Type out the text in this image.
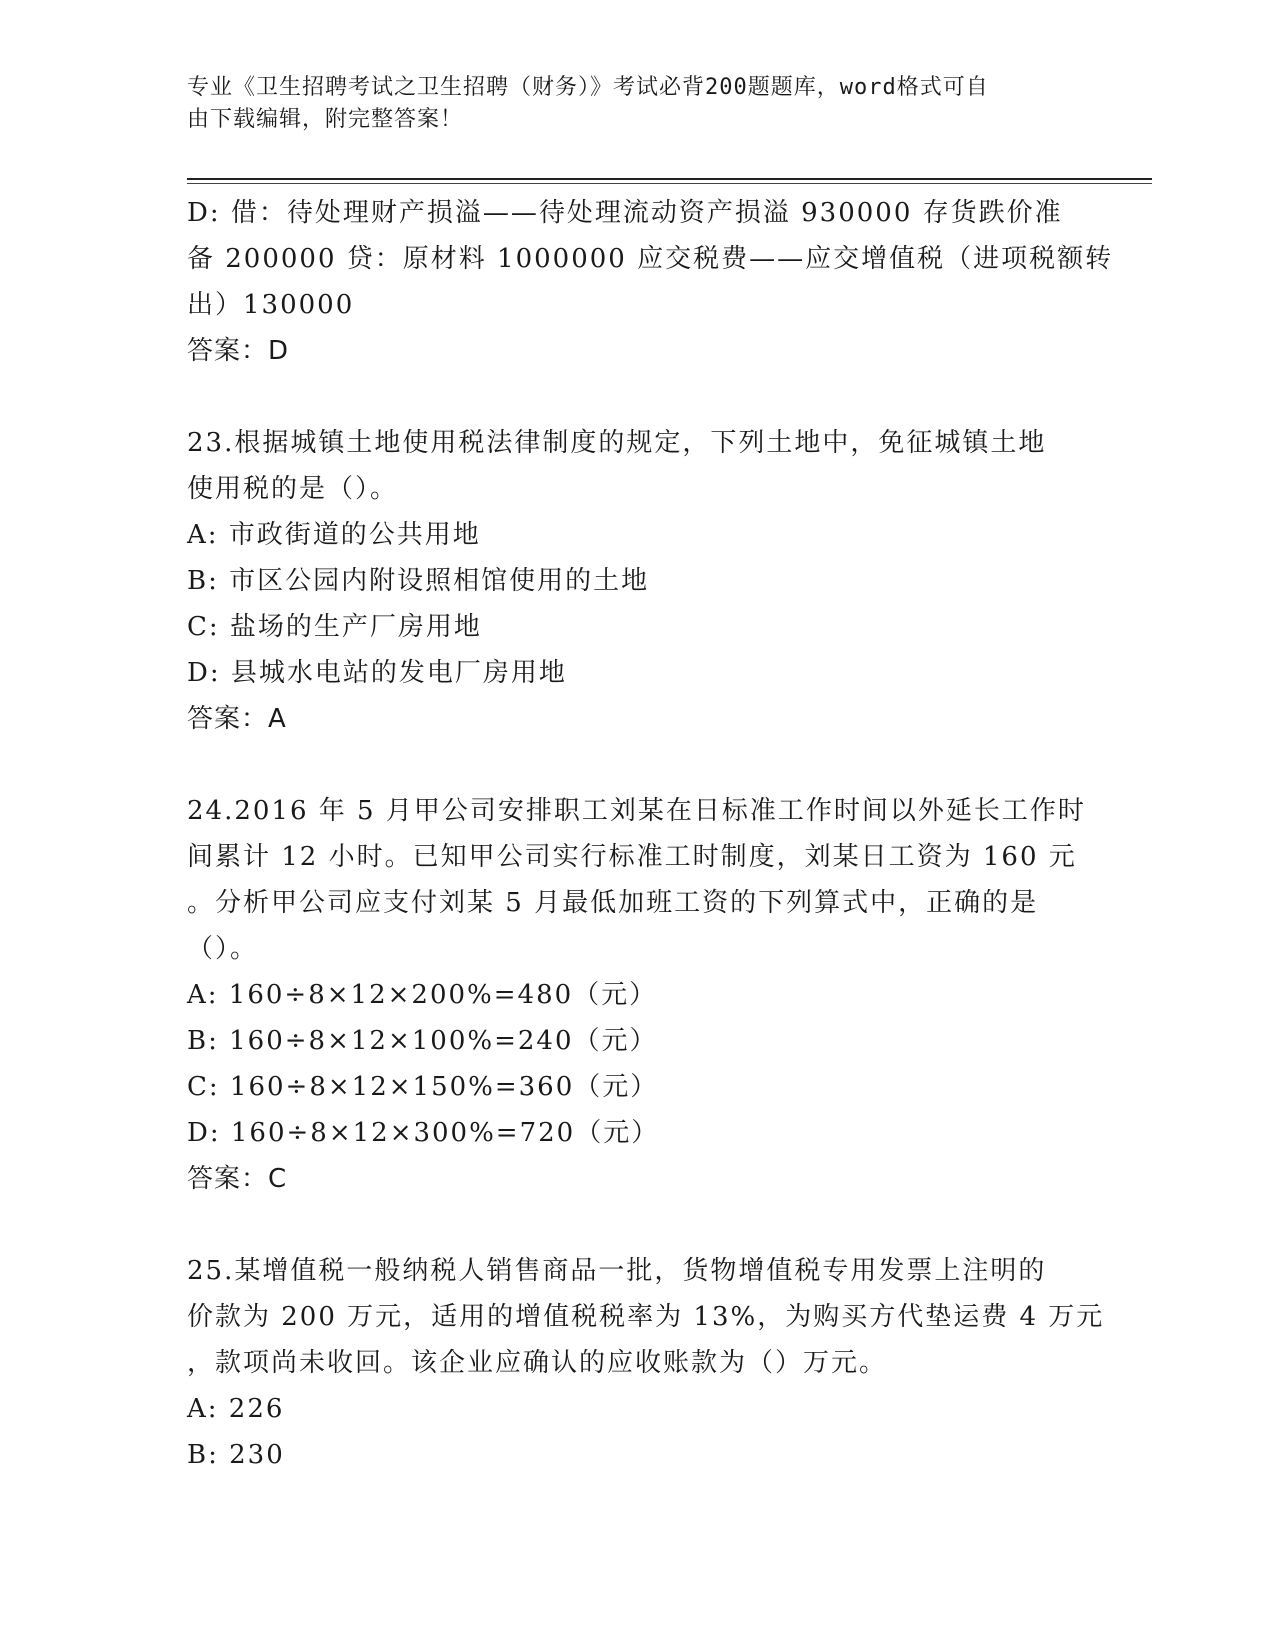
专业《卫生招聘考试之卫生招聘（财务）》考试必背200题题库，word格式可自
由下载编辑，附完整答案！
D: 借：待处理财产损溢——待处理流动资产损溢 930000 存货跌价准
备 200000 贷：原材料 1000000 应交税费——应交增值税（进项税额转
出）130000
答案：D
23.根据城镇土地使用税法律制度的规定，下列土地中，免征城镇土地
使用税的是（）。
A: 市政街道的公共用地
B: 市区公园内附设照相馆使用的土地
C: 盐场的生产厂房用地
D: 县城水电站的发电厂房用地
答案：A
24.2016 年 5 月甲公司安排职工刘某在日标准工作时间以外延长工作时
间累计 12 小时。已知甲公司实行标准工时制度，刘某日工资为 160 元
。分析甲公司应支付刘某 5 月最低加班工资的下列算式中，正确的是
（）。
A: 160÷8×12×200%=480（元）
B: 160÷8×12×100%=240（元）
C: 160÷8×12×150%=360（元）
D: 160÷8×12×300%=720（元）
答案：C
25.某增值税一般纳税人销售商品一批，货物增值税专用发票上注明的
价款为 200 万元，适用的增值税税率为 13%，为购买方代垫运费 4 万元
，款项尚未收回。该企业应确认的应收账款为（）万元。
A: 226
B: 230
